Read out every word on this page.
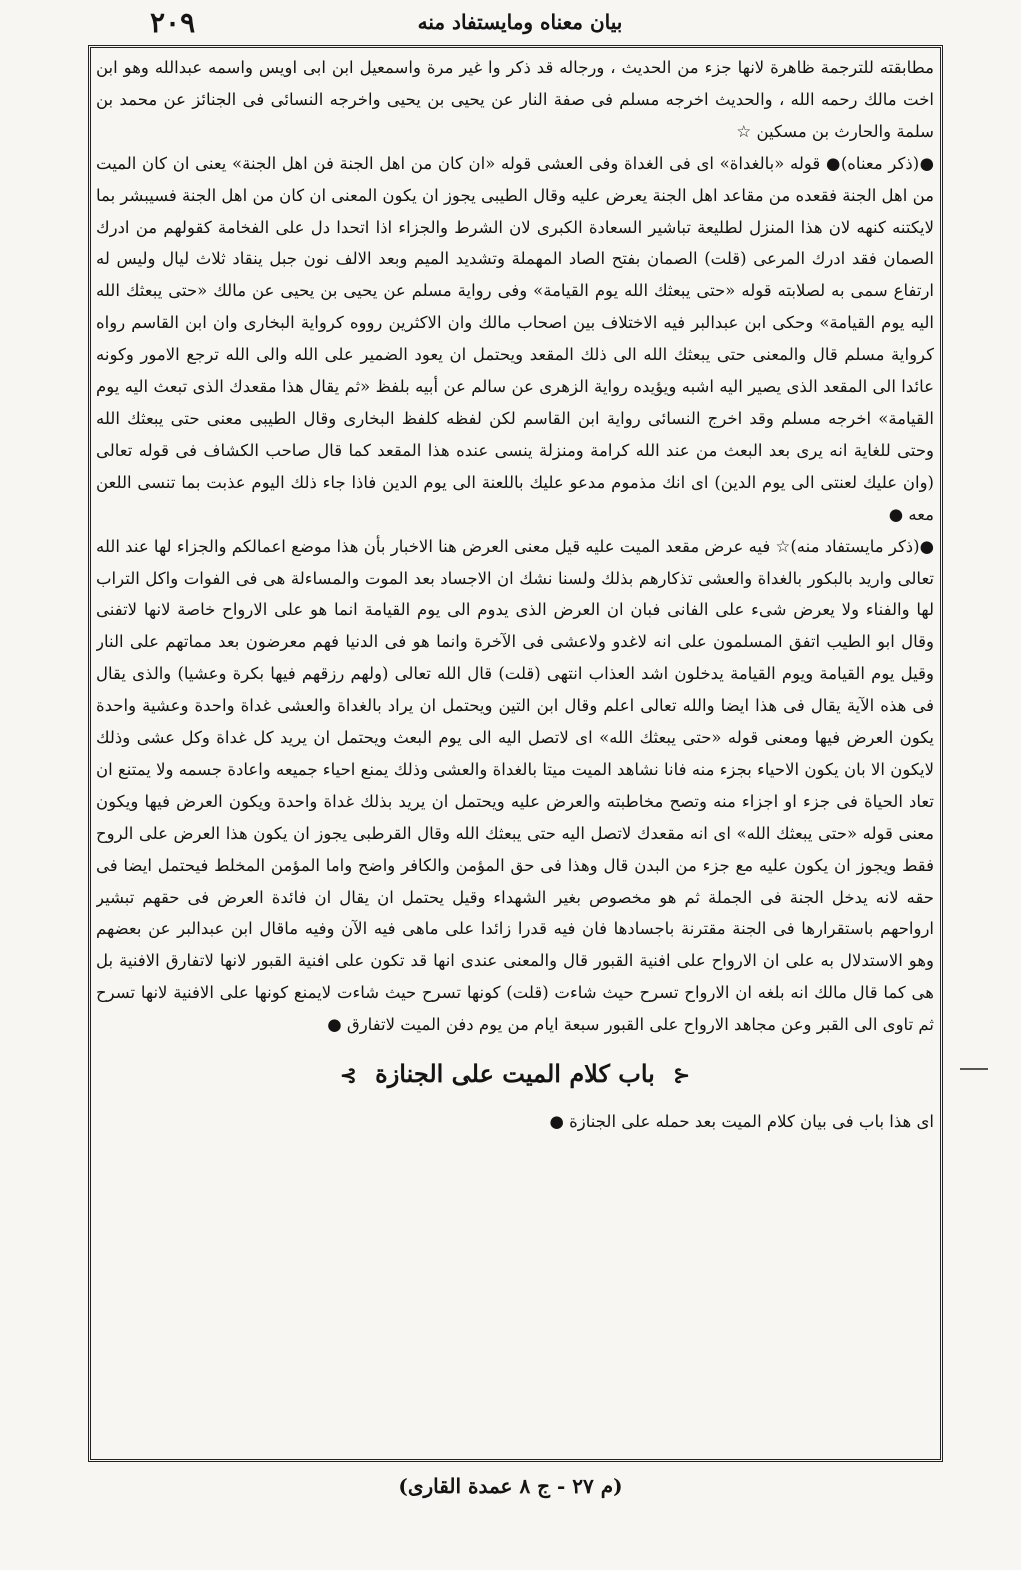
٢٠٩	بيان معناه ومايستفاد منه

مطابقته للترجمة ظاهرة لانها جزء من الحديث ، ورجاله قد ذكر وا غير مرة واسمعيل ابن ابى اويس واسمه عبدالله وهو ابن اخت مالك رحمه الله ، والحديث اخرجه مسلم فى صفة النار عن يحيى بن يحيى واخرجه النسائى فى الجنائز عن محمد بن سلمة والحارث بن مسكين ☆

●(ذكر معناه)● قوله «بالغداة» اى فى الغداة وفى العشى قوله «ان كان من اهل الجنة فن اهل الجنة» يعنى ان كان الميت من اهل الجنة فقعده من مقاعد اهل الجنة يعرض عليه وقال الطيبى يجوز ان يكون المعنى ان كان من اهل الجنة فسيبشر بما لايكتنه كنهه لان هذا المنزل لطليعة تباشير السعادة الكبرى لان الشرط والجزاء اذا اتحدا دل على الفخامة كقولهم من ادرك الصمان فقد ادرك المرعى (قلت) الصمان بفتح الصاد المهملة وتشديد الميم وبعد الالف نون جبل ينقاد ثلاث ليال وليس له ارتفاع سمى به لصلابته قوله «حتى يبعثك الله يوم القيامة» وفى رواية مسلم عن يحيى بن يحيى عن مالك «حتى يبعثك الله اليه يوم القيامة» وحكى ابن عبدالبر فيه الاختلاف بين اصحاب مالك وان الاكثرين رووه كرواية البخارى وان ابن القاسم رواه كرواية مسلم قال والمعنى حتى يبعثك الله الى ذلك المقعد ويحتمل ان يعود الضمير على الله والى الله ترجع الامور وكونه عائدا الى المقعد الذى يصير اليه اشبه ويؤيده رواية الزهرى عن سالم عن أبيه بلفظ «ثم يقال هذا مقعدك الذى تبعث اليه يوم القيامة» اخرجه مسلم وقد اخرج النسائى رواية ابن القاسم لكن لفظه كلفظ البخارى وقال الطيبى معنى حتى يبعثك الله وحتى للغاية انه يرى بعد البعث من عند الله كرامة ومنزلة ينسى عنده هذا المقعد كما قال صاحب الكشاف فى قوله تعالى (وان عليك لعنتى الى يوم الدين) اى انك مذموم مدعو عليك باللعنة الى يوم الدين فاذا جاء ذلك اليوم عذبت بما تنسى اللعن معه ●

●(ذكر مايستفاد منه)☆ فيه عرض مقعد الميت عليه قيل معنى العرض هنا الاخبار بأن هذا موضع اعمالكم والجزاء لها عند الله تعالى واريد بالبكور بالغداة والعشى تذكارهم بذلك ولسنا نشك ان الاجساد بعد الموت والمساءلة هى فى الفوات واكل التراب لها والفناء ولا يعرض شىء على الفانى فبان ان العرض الذى يدوم الى يوم القيامة انما هو على الارواح خاصة لانها لاتفنى وقال ابو الطيب اتفق المسلمون على انه لاغدو ولاعشى فى الآخرة وانما هو فى الدنيا فهم معرضون بعد مماتهم على النار وقيل يوم القيامة ويوم القيامة يدخلون اشد العذاب انتهى (قلت) قال الله تعالى (ولهم رزقهم فيها بكرة وعشيا) والذى يقال فى هذه الآية يقال فى هذا ايضا والله تعالى اعلم وقال ابن التين ويحتمل ان يراد بالغداة والعشى غداة واحدة وعشية واحدة يكون العرض فيها ومعنى قوله «حتى يبعثك الله» اى لاتصل اليه الى يوم البعث ويحتمل ان يريد كل غداة وكل عشى وذلك لايكون الا بان يكون الاحياء بجزء منه فانا نشاهد الميت ميتا بالغداة والعشى وذلك يمنع احياء جميعه واعادة جسمه ولا يمتنع ان تعاد الحياة فى جزء او اجزاء منه وتصح مخاطبته والعرض عليه ويحتمل ان يريد بذلك غداة واحدة ويكون العرض فيها ويكون معنى قوله «حتى يبعثك الله» اى انه مقعدك لاتصل اليه حتى يبعثك الله وقال القرطبى يجوز ان يكون هذا العرض على الروح فقط ويجوز ان يكون عليه مع جزء من البدن قال وهذا فى حق المؤمن والكافر واضح واما المؤمن المخلط فيحتمل ايضا فى حقه لانه يدخل الجنة فى الجملة ثم هو مخصوص بغير الشهداء وقيل يحتمل ان يقال ان فائدة العرض فى حقهم تبشير ارواحهم باستقرارها فى الجنة مقترنة باجسادها فان فيه قدرا زائدا على ماهى فيه الآن وفيه ماقال ابن عبدالبر عن بعضهم وهو الاستدلال به على ان الارواح على افنية القبور قال والمعنى عندى انها قد تكون على افنية القبور لانها لاتفارق الافنية بل هى كما قال مالك انه بلغه ان الارواح تسرح حيث شاءت (قلت) كونها تسرح حيث شاءت لايمنع كونها على الافنية لانها تسرح ثم تاوى الى القبر وعن مجاهد الارواح على القبور سبعة ايام من يوم دفن الميت لاتفارق ●

⊰ باب كلام الميت على الجنازة ⊱

اى هذا باب فى بيان كلام الميت بعد حمله على الجنازة ●

(م ٢٧ - ج ٨ عمدة القارى)
